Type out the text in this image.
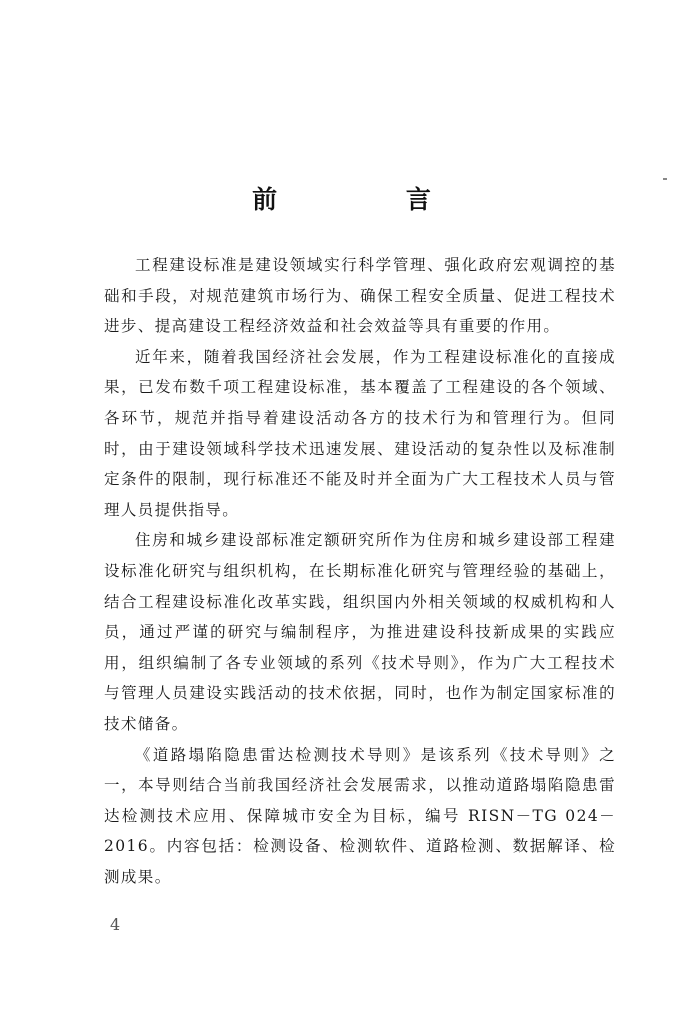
前 言

工程建设标准是建设领域实行科学管理、强化政府宏观调控的基础和手段，对规范建筑市场行为、确保工程安全质量、促进工程技术进步、提高建设工程经济效益和社会效益等具有重要的作用。

近年来，随着我国经济社会发展，作为工程建设标准化的直接成果，已发布数千项工程建设标准，基本覆盖了工程建设的各个领域、各环节，规范并指导着建设活动各方的技术行为和管理行为。但同时，由于建设领域科学技术迅速发展、建设活动的复杂性以及标准制定条件的限制，现行标准还不能及时并全面为广大工程技术人员与管理人员提供指导。

住房和城乡建设部标准定额研究所作为住房和城乡建设部工程建设标准化研究与组织机构，在长期标准化研究与管理经验的基础上，结合工程建设标准化改革实践，组织国内外相关领域的权威机构和人员，通过严谨的研究与编制程序，为推进建设科技新成果的实践应用，组织编制了各专业领域的系列《技术导则》，作为广大工程技术与管理人员建设实践活动的技术依据，同时，也作为制定国家标准的技术储备。

《道路塌陷隐患雷达检测技术导则》是该系列《技术导则》之一，本导则结合当前我国经济社会发展需求，以推动道路塌陷隐患雷达检测技术应用、保障城市安全为目标，编号 RISN－TG 024－2016。内容包括：检测设备、检测软件、道路检测、数据解译、检测成果。

4
